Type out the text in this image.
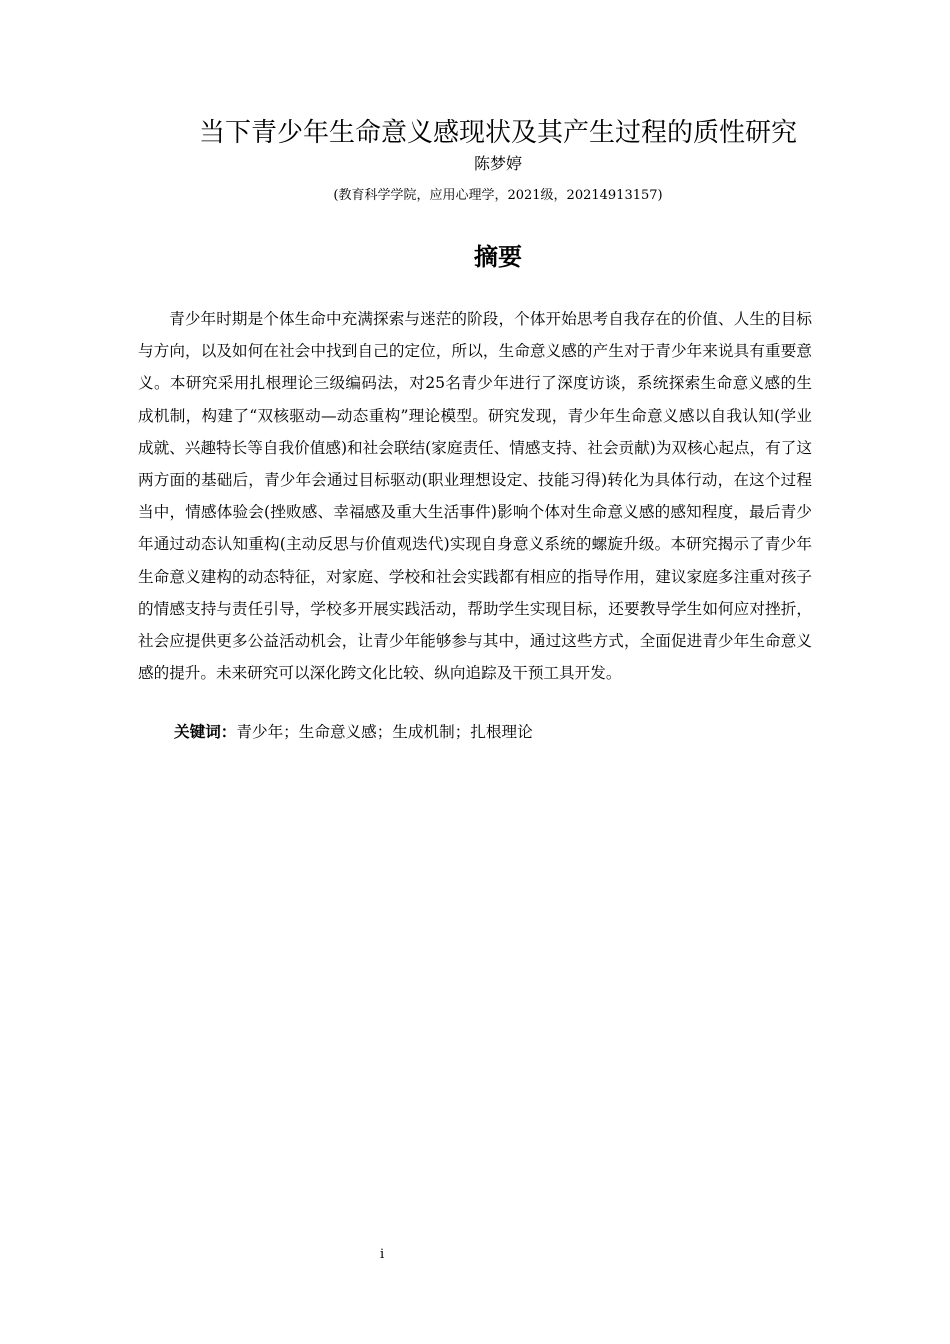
当下青少年生命意义感现状及其产生过程的质性研究
陈梦婷
(教育科学学院，应用心理学，2021级，20214913157)
摘要

青少年时期是个体生命中充满探索与迷茫的阶段，个体开始思考自我存在的价值、人生的目标与方向，以及如何在社会中找到自己的定位，所以，生命意义感的产生对于青少年来说具有重要意义。本研究采用扎根理论三级编码法，对25名青少年进行了深度访谈，系统探索生命意义感的生成机制，构建了“双核驱动—动态重构”理论模型。研究发现，青少年生命意义感以自我认知(学业成就、兴趣特长等自我价值感)和社会联结(家庭责任、情感支持、社会贡献)为双核心起点，有了这两方面的基础后，青少年会通过目标驱动(职业理想设定、技能习得)转化为具体行动，在这个过程当中，情感体验会(挫败感、幸福感及重大生活事件)影响个体对生命意义感的感知程度，最后青少年通过动态认知重构(主动反思与价值观迭代)实现自身意义系统的螺旋升级。本研究揭示了青少年生命意义建构的动态特征，对家庭、学校和社会实践都有相应的指导作用，建议家庭多注重对孩子的情感支持与责任引导，学校多开展实践活动，帮助学生实现目标，还要教导学生如何应对挫折，社会应提供更多公益活动机会，让青少年能够参与其中，通过这些方式，全面促进青少年生命意义感的提升。未来研究可以深化跨文化比较、纵向追踪及干预工具开发。

关键词：青少年；生命意义感；生成机制；扎根理论
i
